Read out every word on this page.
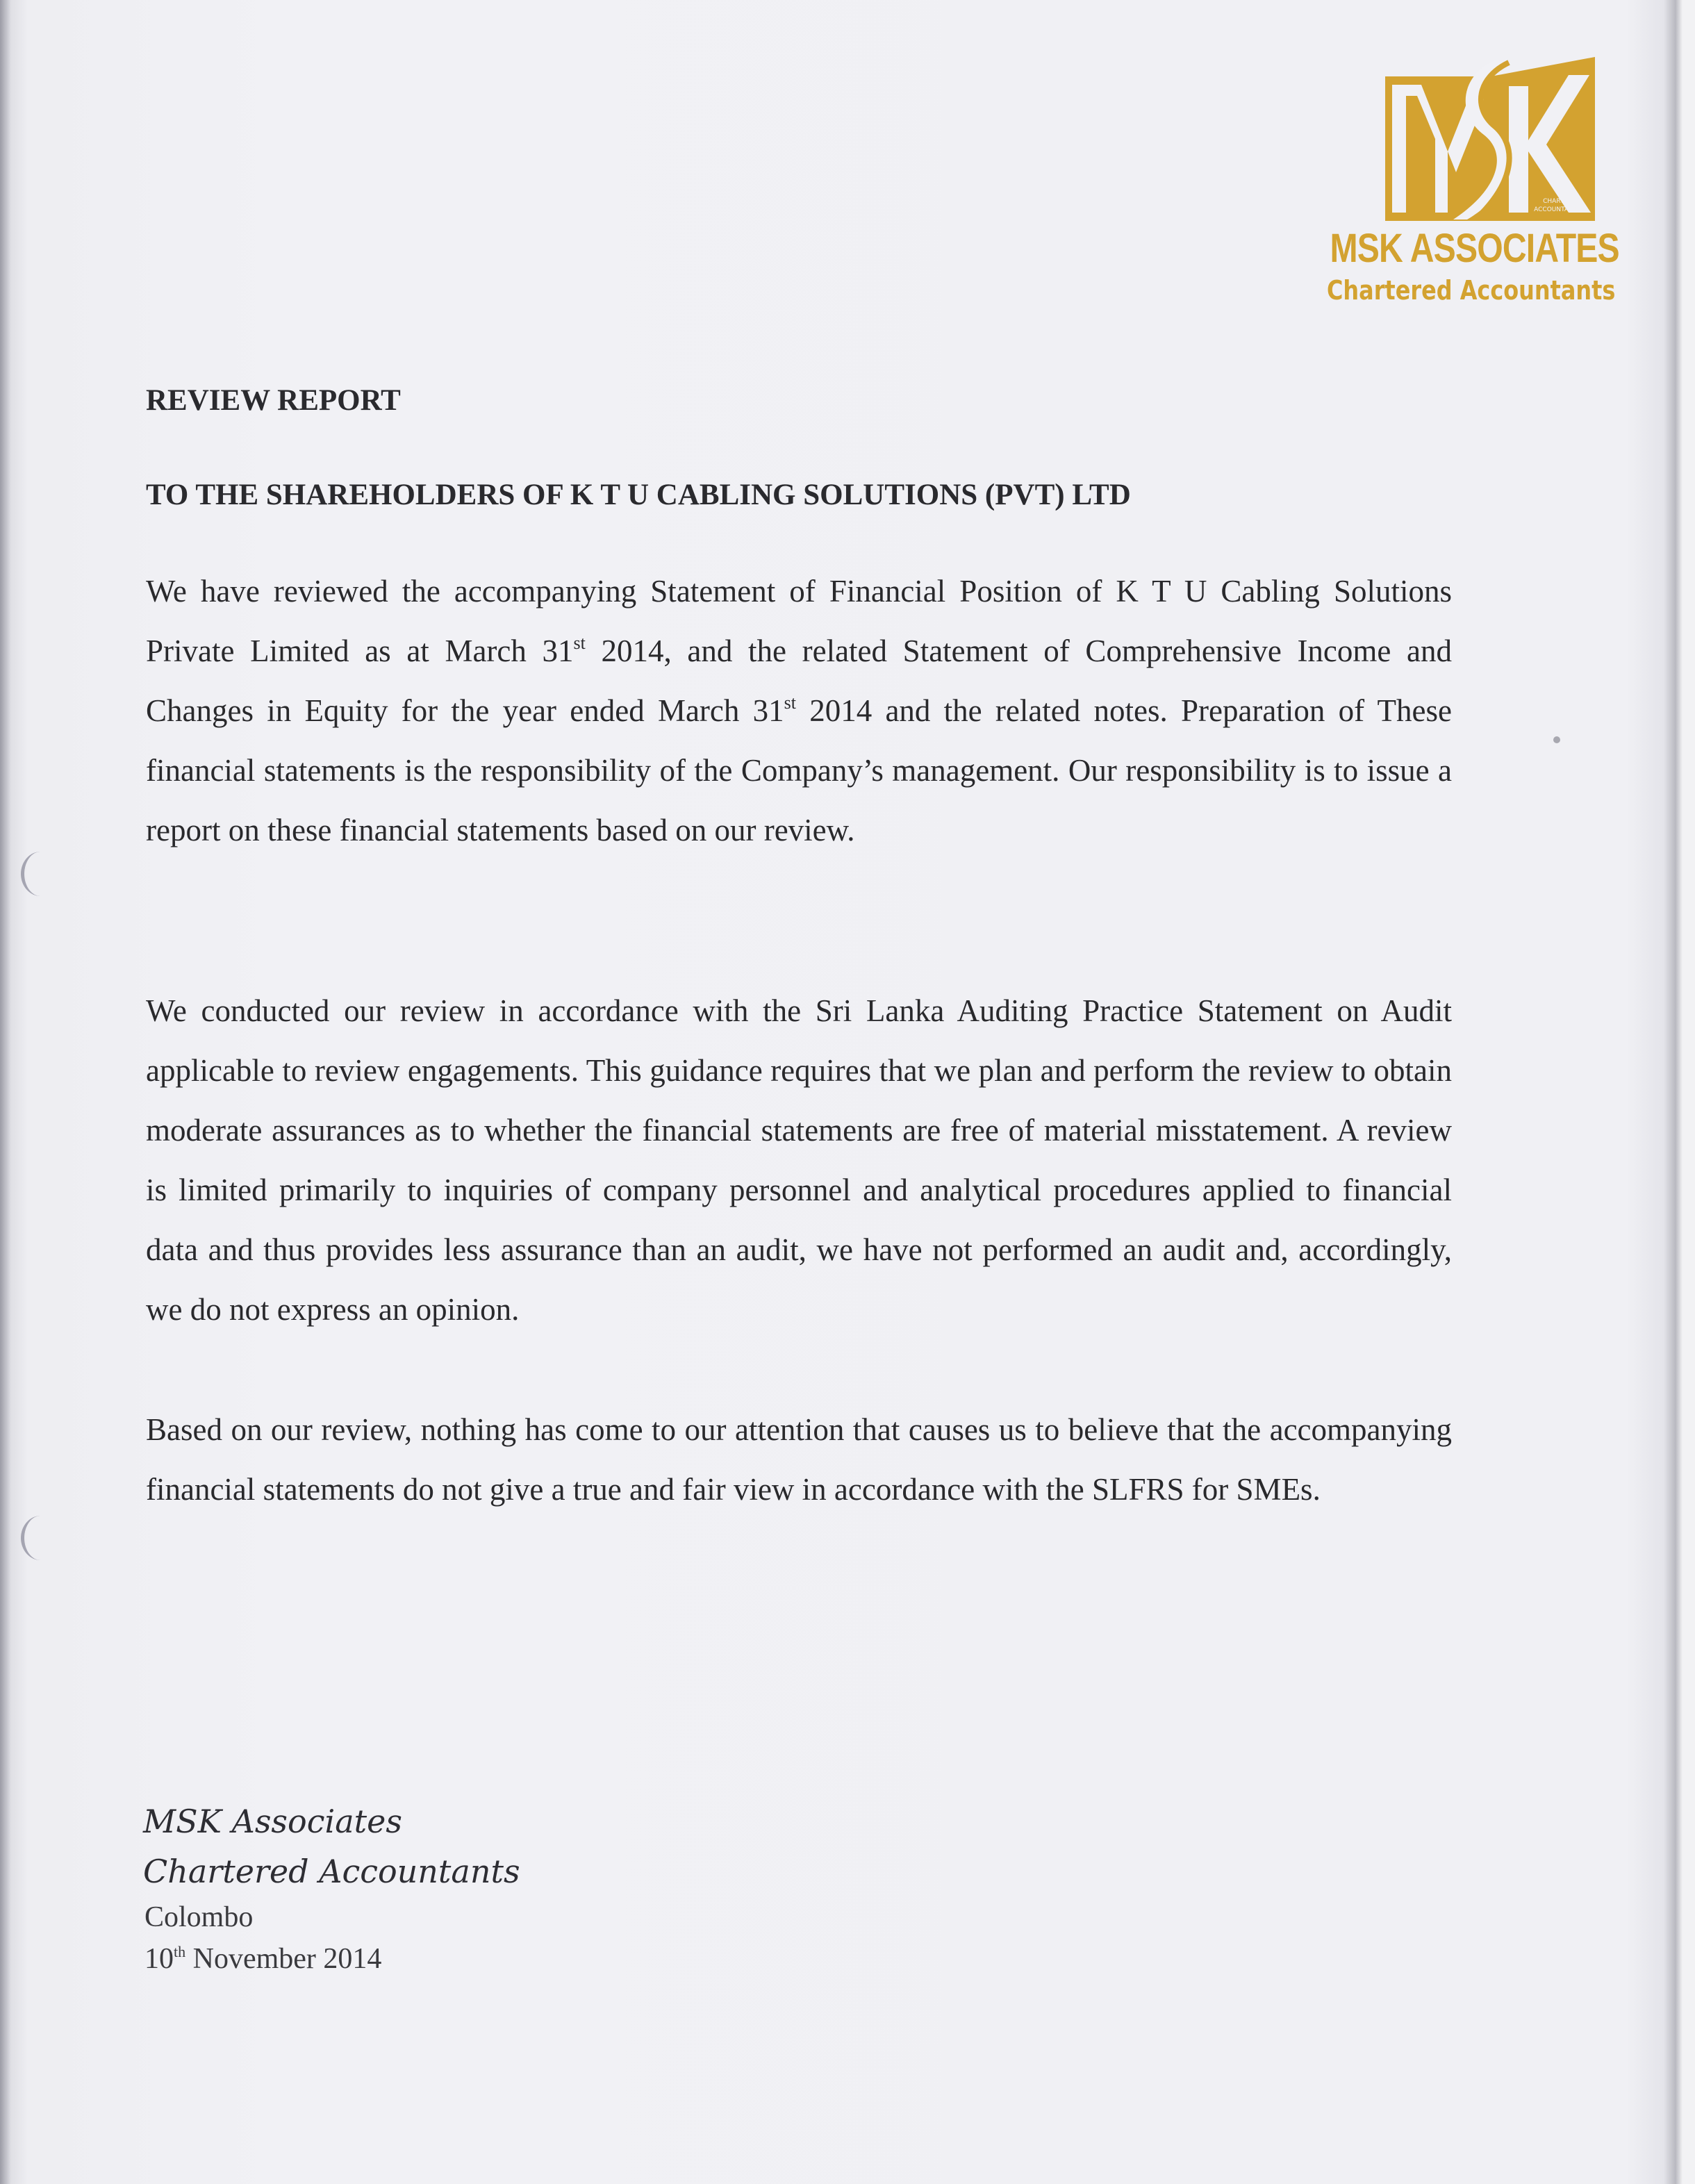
CHARTERED
ACCOUNTANTS
MSK ASSOCIATES
Chartered Accountants
REVIEW REPORT
TO THE SHAREHOLDERS OF K T U CABLING SOLUTIONS (PVT) LTD

We have reviewed the accompanying Statement of Financial Position of K T U Cabling Solutions Private Limited as at March 31st 2014, and the related Statement of Comprehensive Income and Changes in Equity for the year ended March 31st 2014 and the related notes. Preparation of These financial statements is the responsibility of the Company’s management. Our responsibility is to issue a report on these financial statements based on our review.

We conducted our review in accordance with the Sri Lanka Auditing Practice Statement on Audit applicable to review engagements. This guidance requires that we plan and perform the review to obtain moderate assurances as to whether the financial statements are free of material misstatement. A review is limited primarily to inquiries of company personnel and analytical procedures applied to financial data and thus provides less assurance than an audit, we have not performed an audit and, accordingly, we do not express an opinion.

Based on our review, nothing has come to our attention that causes us to believe that the accompanying financial statements do not give a true and fair view in accordance with the SLFRS for SMEs.

MSK Associates
Chartered Accountants
Colombo
10th November 2014
